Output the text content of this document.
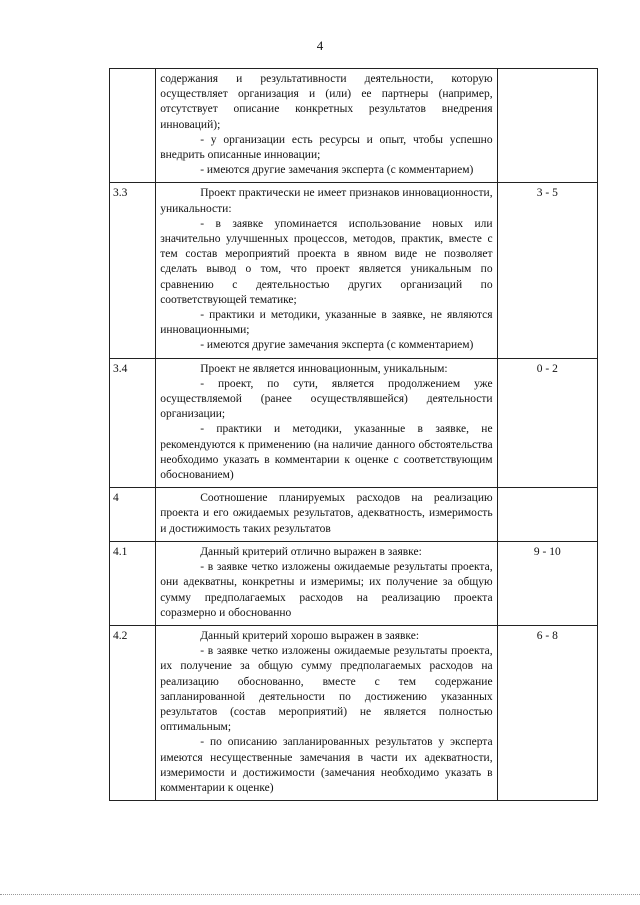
4

	содержания и результативности деятельности, которую осуществляет организация и (или) ее партнеры (например, отсутствует описание конкретных результатов внедрения инноваций);
- у организации есть ресурсы и опыт, чтобы успешно внедрить описанные инновации;
- имеются другие замечания эксперта (с комментарием)	

3.3	Проект практически не имеет признаков инновационности, уникальности:
- в заявке упоминается использование новых или значительно улучшенных процессов, методов, практик, вместе с тем состав мероприятий проекта в явном виде не позволяет сделать вывод о том, что проект является уникальным по сравнению с деятельностью других организаций по соответствующей тематике;
- практики и методики, указанные в заявке, не являются инновационными;
- имеются другие замечания эксперта (с комментарием)	3 - 5
3.4	Проект не является инновационным, уникальным:
- проект, по сути, является продолжением уже осуществляемой (ранее осуществлявшейся) деятельности организации;
- практики и методики, указанные в заявке, не рекомендуются к применению (на наличие данного обстоятельства необходимо указать в комментарии к оценке с соответствующим обоснованием)	0 - 2
4	Соотношение планируемых расходов на реализацию проекта и его ожидаемых результатов, адекватность, измеримость и достижимость таких результатов	

4.1	Данный критерий отлично выражен в заявке:
- в заявке четко изложены ожидаемые результаты проекта, они адекватны, конкретны и измеримы; их получение за общую сумму предполагаемых расходов на реализацию проекта соразмерно и обоснованно	9 - 10
4.2	Данный критерий хорошо выражен в заявке:
- в заявке четко изложены ожидаемые результаты проекта, их получение за общую сумму предполагаемых расходов на реализацию обоснованно, вместе с тем содержание запланированной деятельности по достижению указанных результатов (состав мероприятий) не является полностью оптимальным;
- по описанию запланированных результатов у эксперта имеются несущественные замечания в части их адекватности, измеримости и достижимости (замечания необходимо указать в комментарии к оценке)	6 - 8
